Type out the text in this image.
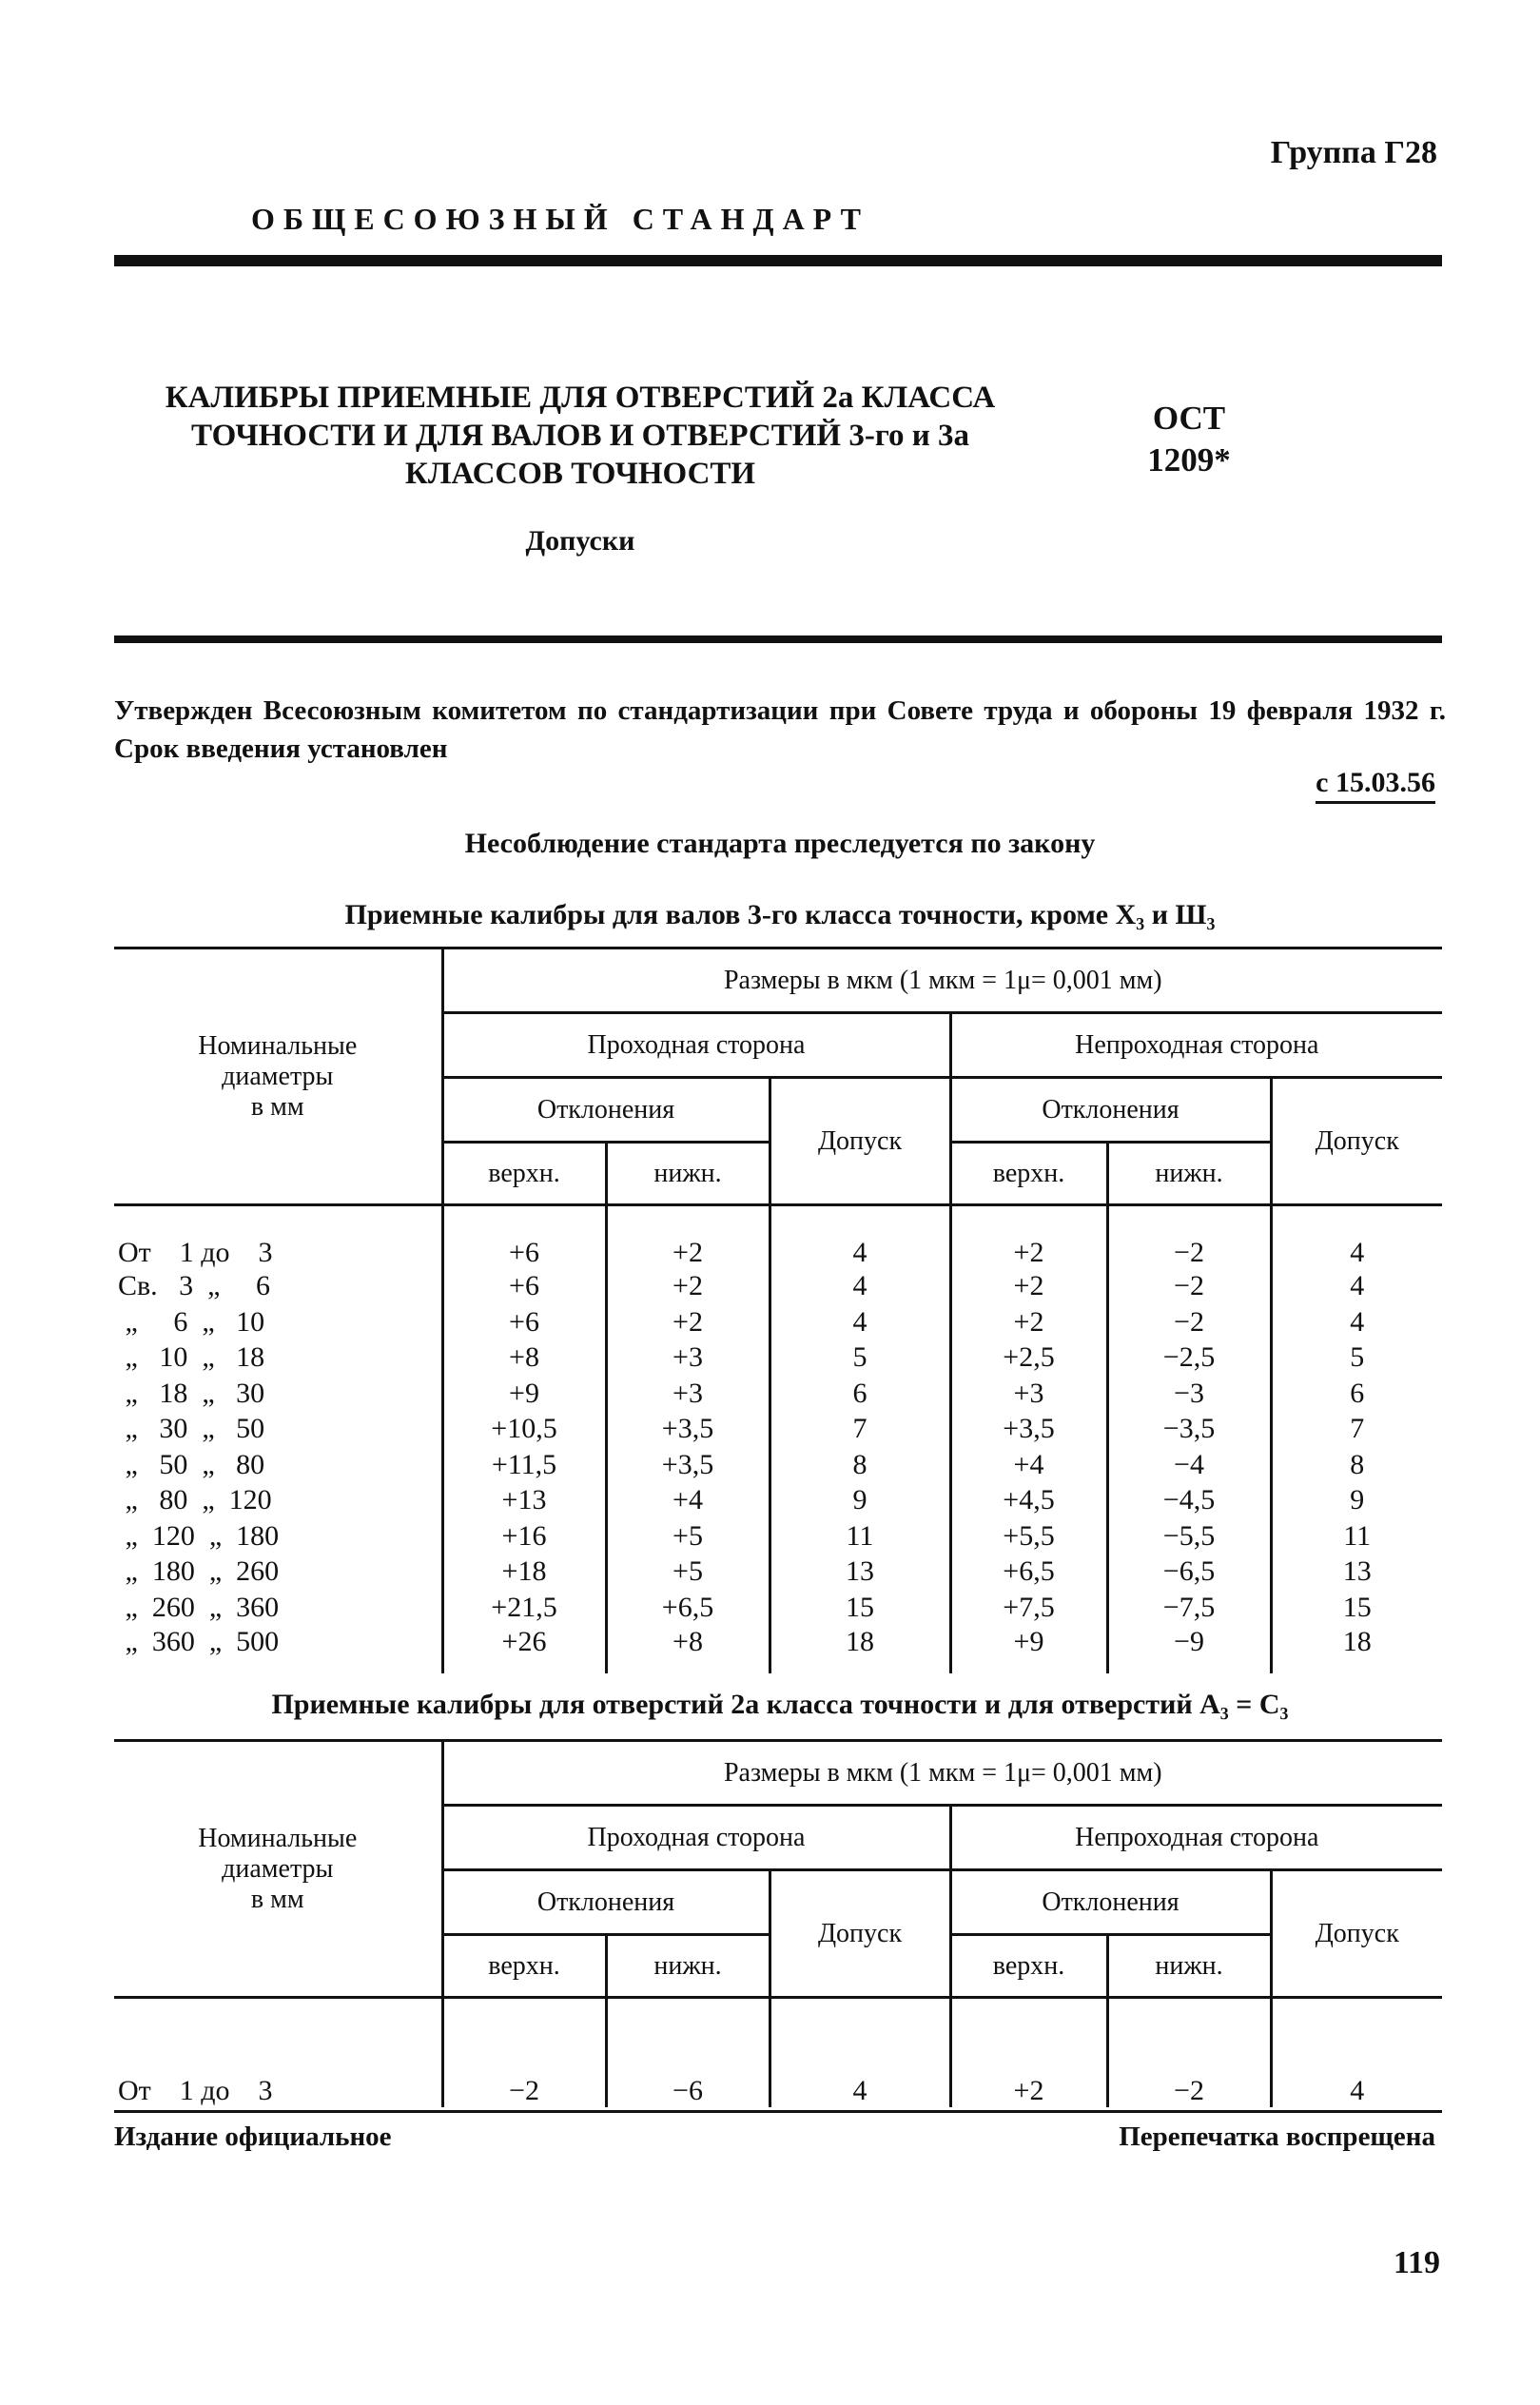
Группа Г28
ОБЩЕСОЮЗНЫЙ СТАНДАРТ
КАЛИБРЫ ПРИЕМНЫЕ ДЛЯ ОТВЕРСТИЙ 2а КЛАССА
ТОЧНОСТИ И ДЛЯ ВАЛОВ И ОТВЕРСТИЙ 3-го и 3а
КЛАССОВ ТОЧНОСТИ
ОСТ
1209*
Допуски
Утвержден Всесоюзным комитетом по стандартизации при Совете труда и обороны 19 февраля 1932 г. Срок введения установлен
с 15.03.56
Несоблюдение стандарта преследуется по закону
Приемные калибры для валов 3-го класса точности, кроме Х₃ и Ш₃
Номинальные
диаметры
в мм	Размеры в мкм (1 мкм = 1μ= 0,001 мм)					
	Проходная сторона			Непроходная сторона		
	Отклонения		Допуск	Отклонения		Допуск
	верхн.	нижн.		верхн.	нижн.	
От    1 до    3	+6	+2	4	+2	−2	4
Св.   3  „     6	+6	+2	4	+2	−2	4
„     6  „   10	+6	+2	4	+2	−2	4
„   10  „   18	+8	+3	5	+2,5	−2,5	5
„   18  „   30	+9	+3	6	+3	−3	6
„   30  „   50	+10,5	+3,5	7	+3,5	−3,5	7
„   50  „   80	+11,5	+3,5	8	+4	−4	8
„   80  „  120	+13	+4	9	+4,5	−4,5	9
„  120  „  180	+16	+5	11	+5,5	−5,5	11
„  180  „  260	+18	+5	13	+6,5	−6,5	13
„  260  „  360	+21,5	+6,5	15	+7,5	−7,5	15
„  360  „  500	+26	+8	18	+9	−9	18
Приемные калибры для отверстий 2а класса точности и для отверстий А₃ = С₃
Номинальные
диаметры
в мм	Размеры в мкм (1 мкм = 1μ= 0,001 мм)					
	Проходная сторона			Непроходная сторона		
	Отклонения		Допуск	Отклонения		Допуск
	верхн.	нижн.		верхн.	нижн.	
От    1 до    3	−2	−6	4	+2	−2	4
Издание официальное	Перепечатка воспрещена
119
